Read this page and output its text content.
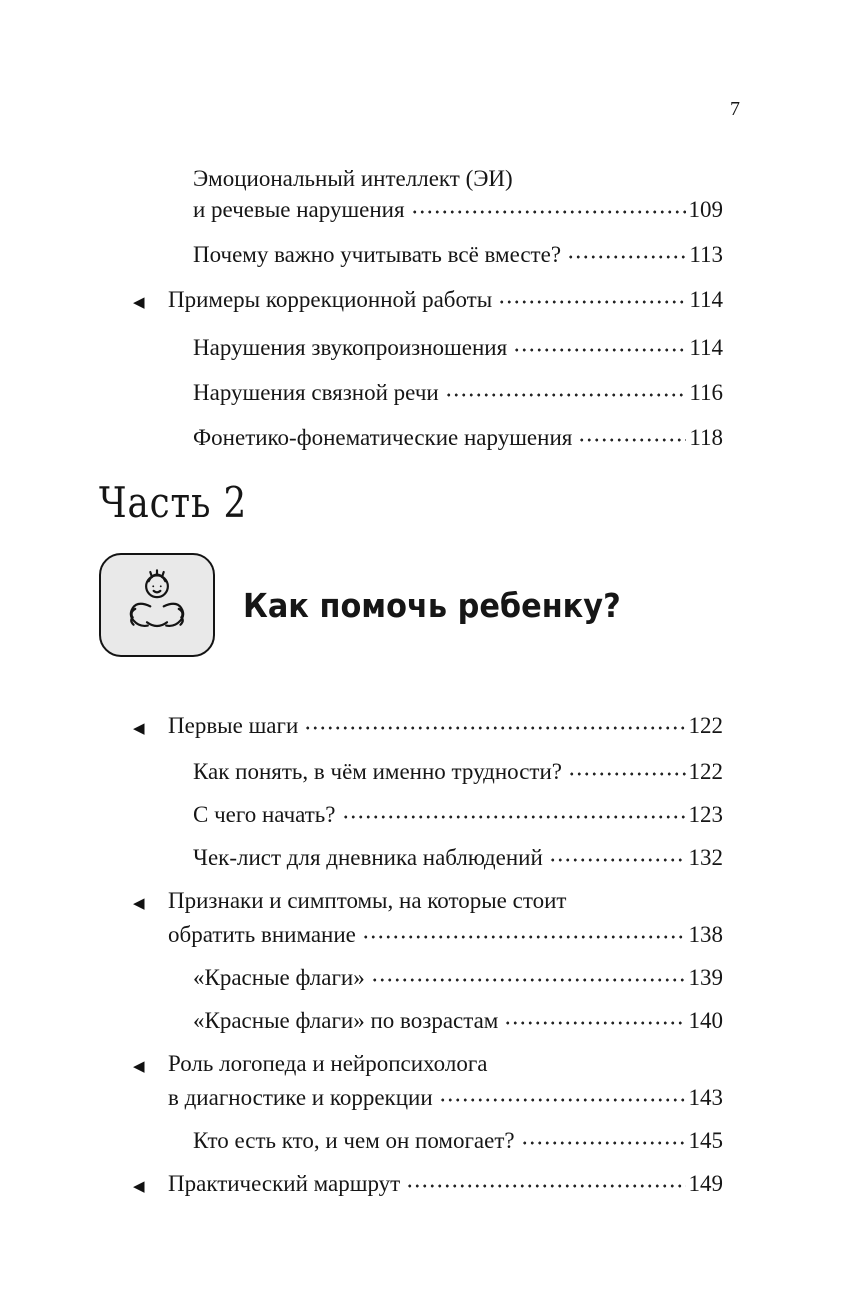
7
Эмоциональный интеллект (ЭИ)
и речевые нарушения	109
Почему важно учитывать всё вместе?	113
◀	Примеры коррекционной работы	114
Нарушения звукопроизношения	114
Нарушения связной речи	116
Фонетико-фонематические нарушения	118
Часть 2
Как помочь ребенку?
◀	Первые шаги	122
Как понять, в чём именно трудности?	122
С чего начать?	123
Чек-лист для дневника наблюдений	132
◀	Признаки и симптомы, на которые стоит
обратить внимание	138
«Красные флаги»	139
«Красные флаги» по возрастам	140
◀	Роль логопеда и нейропсихолога
в диагностике и коррекции	143
Кто есть кто, и чем он помогает?	145
◀	Практический маршрут	149
